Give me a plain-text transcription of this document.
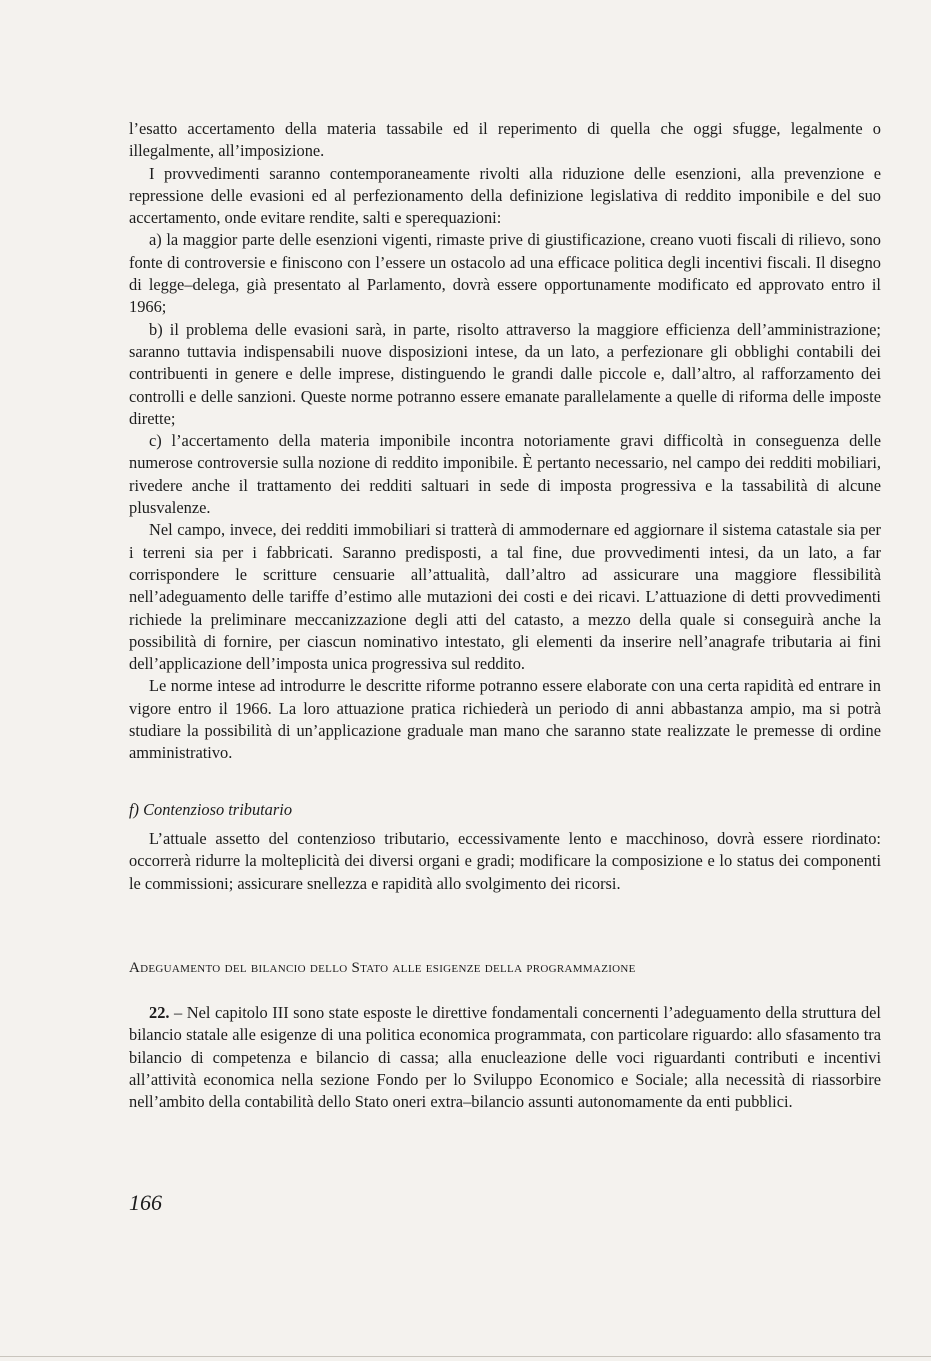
l’esatto accertamento della materia tassabile ed il reperimento di quella che oggi sfugge, legalmente o illegalmente, all’imposizione.

I provvedimenti saranno contemporaneamente rivolti alla riduzione delle esenzioni, alla prevenzione e repressione delle evasioni ed al perfezionamento della definizione legislativa di reddito imponibile e del suo accertamento, onde evitare rendite, salti e sperequazioni:

a) la maggior parte delle esenzioni vigenti, rimaste prive di giustificazione, creano vuoti fiscali di rilievo, sono fonte di controversie e finiscono con l’essere un ostacolo ad una efficace politica degli incentivi fiscali. Il disegno di legge–delega, già presentato al Parlamento, dovrà essere opportunamente modificato ed approvato entro il 1966;

b) il problema delle evasioni sarà, in parte, risolto attraverso la maggiore efficienza dell’amministrazione; saranno tuttavia indispensabili nuove disposizioni intese, da un lato, a perfezionare gli obblighi contabili dei contribuenti in genere e delle imprese, distinguendo le grandi dalle piccole e, dall’altro, al rafforzamento dei controlli e delle sanzioni. Queste norme potranno essere emanate parallelamente a quelle di riforma delle imposte dirette;

c) l’accertamento della materia imponibile incontra notoriamente gravi difficoltà in conseguenza delle numerose controversie sulla nozione di reddito imponibile. È pertanto necessario, nel campo dei redditi mobiliari, rivedere anche il trattamento dei redditi saltuari in sede di imposta progressiva e la tassabilità di alcune plusvalenze.

Nel campo, invece, dei redditi immobiliari si tratterà di ammodernare ed aggiornare il sistema catastale sia per i terreni sia per i fabbricati. Saranno predisposti, a tal fine, due provvedimenti intesi, da un lato, a far corrispondere le scritture censuarie all’attualità, dall’altro ad assicurare una maggiore flessibilità nell’adeguamento delle tariffe d’estimo alle mutazioni dei costi e dei ricavi. L’attuazione di detti provvedimenti richiede la preliminare meccanizzazione degli atti del catasto, a mezzo della quale si conseguirà anche la possibilità di fornire, per ciascun nominativo intestato, gli elementi da inserire nell’anagrafe tributaria ai fini dell’applicazione dell’imposta unica progressiva sul reddito.

Le norme intese ad introdurre le descritte riforme potranno essere elaborate con una certa rapidità ed entrare in vigore entro il 1966. La loro attuazione pratica richiederà un periodo di anni abbastanza ampio, ma si potrà studiare la possibilità di un’applicazione graduale man mano che saranno state realizzate le premesse di ordine amministrativo.

f) Contenzioso tributario

L’attuale assetto del contenzioso tributario, eccessivamente lento e macchinoso, dovrà essere riordinato: occorrerà ridurre la molteplicità dei diversi organi e gradi; modificare la composizione e lo status dei componenti le commissioni; assicurare snellezza e rapidità allo svolgimento dei ricorsi.

Adeguamento del bilancio dello Stato alle esigenze della programmazione

22. – Nel capitolo III sono state esposte le direttive fondamentali concernenti l’adeguamento della struttura del bilancio statale alle esigenze di una politica economica programmata, con particolare riguardo: allo sfasamento tra bilancio di competenza e bilancio di cassa; alla enucleazione delle voci riguardanti contributi e incentivi all’attività economica nella sezione Fondo per lo Sviluppo Economico e Sociale; alla necessità di riassorbire nell’ambito della contabilità dello Stato oneri extra–bilancio assunti autonomamente da enti pubblici.

166
